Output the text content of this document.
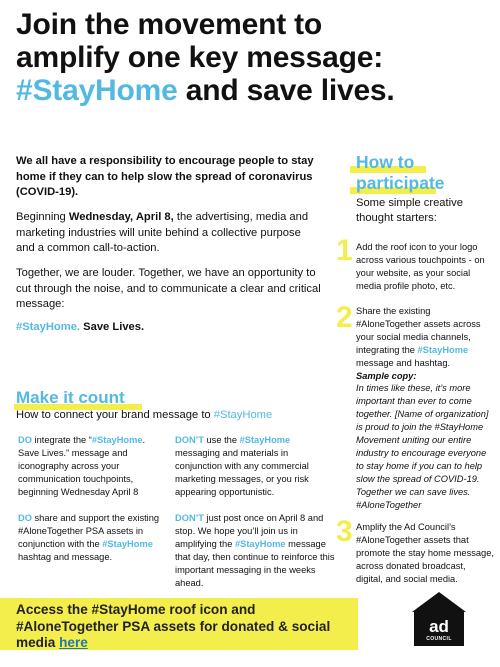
Join the movement to
amplify one key message:
#StayHome and save lives.
We all have a responsibility to encourage people to stay home if they can to help slow the spread of coronavirus (COVID-19).
Beginning Wednesday, April 8, the advertising, media and marketing industries will unite behind a collective purpose and a common call-to-action.
Together, we are louder. Together, we have an opportunity to cut through the noise, and to communicate a clear and critical message:
#StayHome. Save Lives.
Make it count
How to connect your brand message to #StayHome
DO integrate the “#StayHome. Save Lives.” message and iconography across your communication touchpoints, beginning Wednesday April 8
DON’T use the #StayHome messaging and materials in conjunction with any commercial marketing messages, or you risk appearing opportunistic.
DO share and support the existing #AloneTogether PSA assets in conjunction with the #StayHome hashtag and message.
DON’T just post once on April 8 and stop. We hope you’ll join us in amplifying the #StayHome message that day, then continue to reinforce this important messaging in the weeks ahead.
How to
participate
Some simple creative thought starters:
1 Add the roof icon to your logo across various touchpoints - on your website, as your social media profile photo, etc.
2 Share the existing #AloneTogether assets across your social media channels, integrating the #StayHome message and hashtag.
Sample copy:
In times like these, it’s more important than ever to come together. [Name of organization] is proud to join the #StayHome Movement uniting our entire industry to encourage everyone to stay home if you can to help slow the spread of COVID-19. Together we can save lives. #AloneTogether
3 Amplify the Ad Council’s #AloneTogether assets that promote the stay home message, across donated broadcast, digital, and social media.
Access the #StayHome roof icon and #AloneTogether PSA assets for donated & social media here
ad
COUNCIL
